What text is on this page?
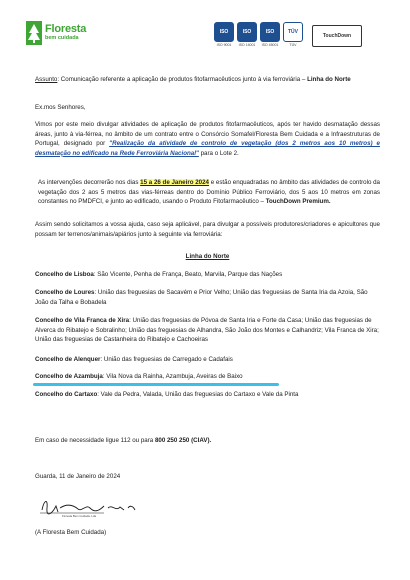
Floresta
bem cuidada
ISO
ISO 9001
ISO
ISO 14001
ISO
ISO 45001
TÜV
TÜV
TouchDown
Assunto: Comunicação referente a aplicação de produtos fitofarmacêuticos junto à via ferroviária – Linha do Norte
Ex.mos Senhores,
Vimos por este meio divulgar atividades de aplicação de produtos fitofarmacêuticos, após ter havido desmatação dessas áreas, junto à via-férrea, no âmbito de um contrato entre o Consórcio Somafel/Floresta Bem Cuidada e a Infraestruturas de Portugal, designado por "Realização da atividade de controlo de vegetação (dos 2 metros aos 10 metros) e desmatação no edificado na Rede Ferroviária Nacional" para o Lote 2.
As intervenções decorrerão nos dias 15 a 26 de Janeiro 2024 e estão enquadradas no âmbito das atividades de controlo da vegetação dos 2 aos 5 metros das vias-férreas dentro do Domínio Público Ferroviário, dos 5 aos 10 metros em zonas constantes no PMDFCI, e junto ao edificado, usando o Produto Fitofarmacêutico – TouchDown Premium.
Assim sendo solicitamos a vossa ajuda, caso seja aplicável, para divulgar a possíveis produtores/criadores e apicultores que possam ter terrenos/animais/apiários junto à seguinte via ferroviária:
Linha do Norte
Concelho de Lisboa: São Vicente, Penha de França, Beato, Marvila, Parque das Nações
Concelho de Loures: União das freguesias de Sacavém e Prior Velho; União das freguesias de Santa Iria da Azoia, São João da Talha e Bobadela
Concelho de Vila Franca de Xira: União das freguesias de Póvoa de Santa Iria e Forte da Casa; União das freguesias de Alverca do Ribatejo e Sobralinho; União das freguesias de Alhandra, São João dos Montes e Calhandriz; Vila Franca de Xira; União das freguesias de Castanheira do Ribatejo e Cachoeiras
Concelho de Alenquer: União das freguesias de Carregado e Cadafais
Concelho de Azambuja: Vila Nova da Rainha, Azambuja, Aveiras de Baixo
Concelho do Cartaxo: Vale da Pedra, Valada, União das freguesias do Cartaxo e Vale da Pinta
Em caso de necessidade ligue 112 ou para 800 250 250 (CIAV).
Guarda, 11 de Janeiro de 2024
Floresta Bem Cuidada, Lda
(A Floresta Bem Cuidada)
